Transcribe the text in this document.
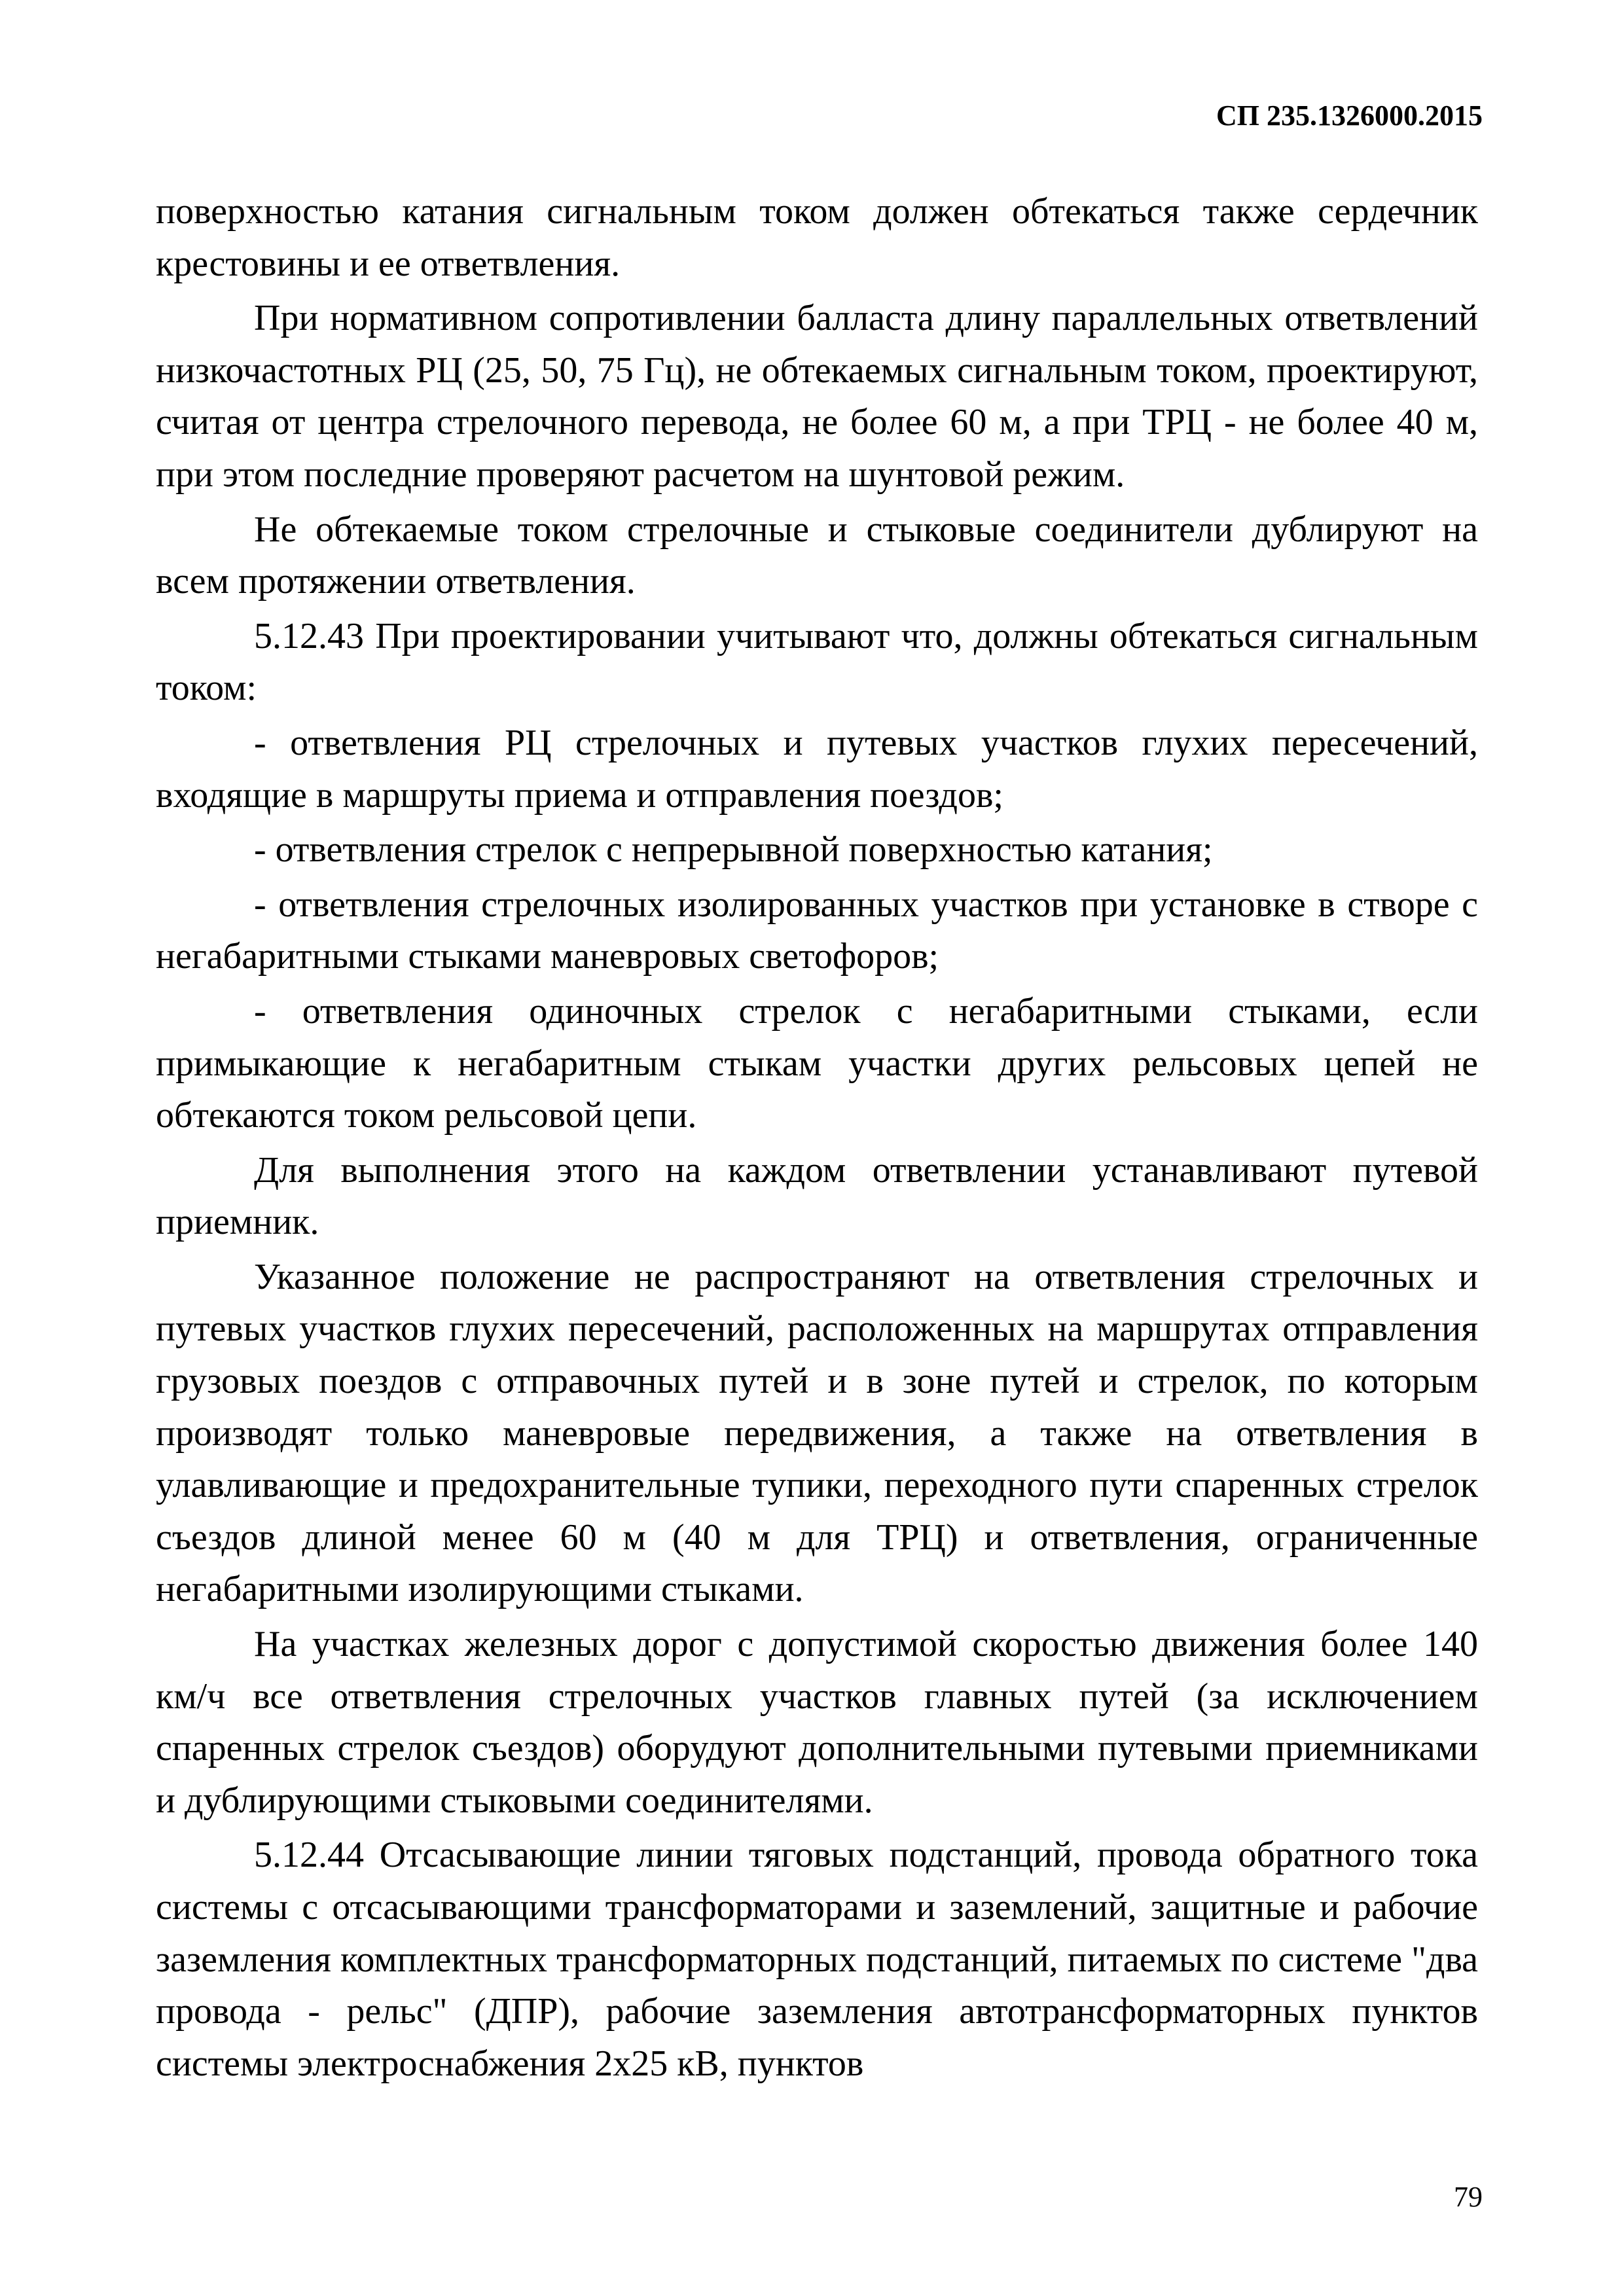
СП 235.1326000.2015

поверхностью катания сигнальным током должен обтекаться также сердечник крестовины и ее ответвления.

При нормативном сопротивлении балласта длину параллельных ответвлений низкочастотных РЦ (25, 50, 75 Гц), не обтекаемых сигнальным током, проектируют, считая от центра стрелочного перевода, не более 60 м, а при ТРЦ - не более 40 м, при этом последние проверяют расчетом на шунтовой режим.

Не обтекаемые током стрелочные и стыковые соединители дублируют на всем протяжении ответвления.

5.12.43 При проектировании учитывают что, должны обтекаться сигнальным током:

- ответвления РЦ стрелочных и путевых участков глухих пересечений, входящие в маршруты приема и отправления поездов;

- ответвления стрелок с непрерывной поверхностью катания;

- ответвления стрелочных изолированных участков при установке в створе с негабаритными стыками маневровых светофоров;

- ответвления одиночных стрелок с негабаритными стыками, если примыкающие к негабаритным стыкам участки других рельсовых цепей не обтекаются током рельсовой цепи.

Для выполнения этого на каждом ответвлении устанавливают путевой приемник.

Указанное положение не распространяют на ответвления стрелочных и путевых участков глухих пересечений, расположенных на маршрутах отправления грузовых поездов с отправочных путей и в зоне путей и стрелок, по которым производят только маневровые передвижения, а также на ответвления в улавливающие и предохранительные тупики, переходного пути спаренных стрелок съездов длиной менее 60 м (40 м для ТРЦ) и ответвления, ограниченные негабаритными изолирующими стыками.

На участках железных дорог с допустимой скоростью движения более 140 км/ч все ответвления стрелочных участков главных путей (за исключением спаренных стрелок съездов) оборудуют дополнительными путевыми приемниками и дублирующими стыковыми соединителями.

5.12.44 Отсасывающие линии тяговых подстанций, провода обратного тока системы с отсасывающими трансформаторами и заземлений, защитные и рабочие заземления комплектных трансформаторных подстанций, питаемых по системе "два провода - рельс" (ДПР), рабочие заземления автотрансформаторных пунктов системы электроснабжения 2x25 кВ, пунктов

79
